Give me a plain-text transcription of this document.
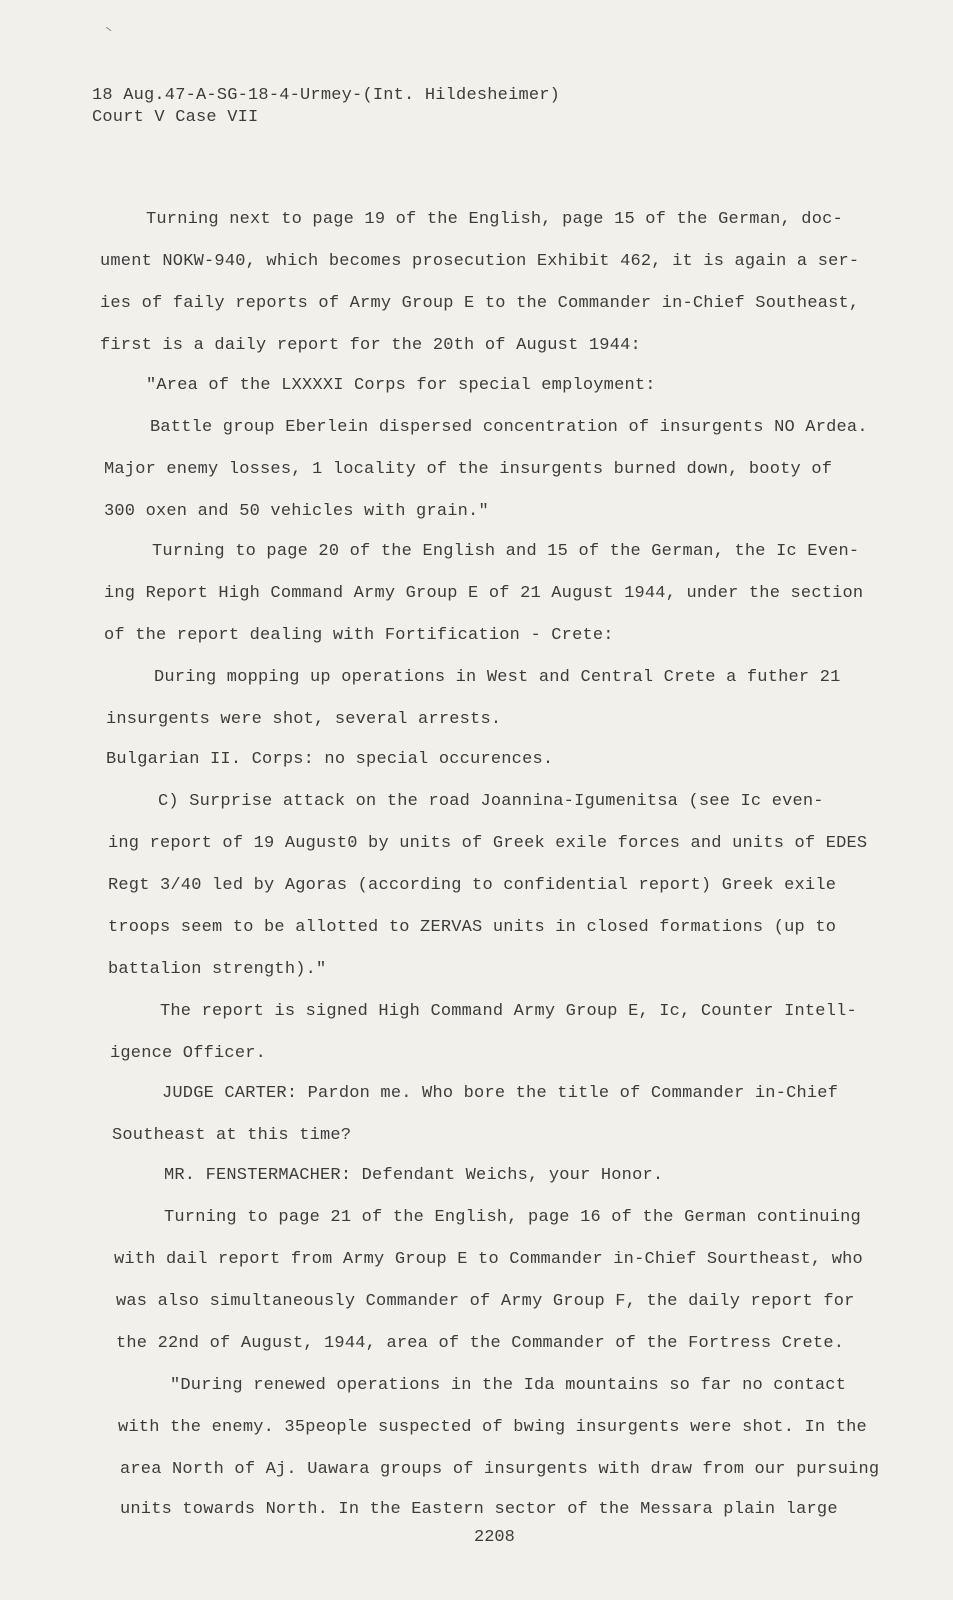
18 Aug.47-A-SG-18-4-Urmey-(Int. Hildesheimer)
Court V Case VII
Turning next to page 19 of the English, page 15 of the German, doc-
ument NOKW-940, which becomes prosecution Exhibit 462, it is again a ser-
ies of faily reports of Army Group E to the Commander in-Chief Southeast,
first is a daily report for the 20th of August 1944:
"Area of the LXXXXI Corps for special employment:
Battle group Eberlein dispersed concentration of insurgents NO Ardea.
Major enemy losses, 1 locality of the insurgents burned down, booty of
300 oxen and 50 vehicles with grain."
Turning to page 20 of the English and 15 of the German, the Ic Even-
ing Report High Command Army Group E of 21 August 1944, under the section
of the report dealing with Fortification - Crete:
During mopping up operations in West and Central Crete a futher 21
insurgents were shot, several arrests.
Bulgarian II. Corps: no special occurences.
C) Surprise attack on the road Joannina-Igumenitsa (see Ic even-
ing report of 19 August0 by units of Greek exile forces and units of EDES
Regt 3/40 led by Agoras (according to confidential report) Greek exile
troops seem to be allotted to ZERVAS units in closed formations (up to
battalion strength)."
The report is signed High Command Army Group E, Ic, Counter Intell-
igence Officer.
JUDGE CARTER: Pardon me. Who bore the title of Commander in-Chief
Southeast at this time?
MR. FENSTERMACHER: Defendant Weichs, your Honor.
Turning to page 21 of the English, page 16 of the German continuing
with dail report from Army Group E to Commander in-Chief Sourtheast, who
was also simultaneously Commander of Army Group F, the daily report for
the 22nd of August, 1944, area of the Commander of the Fortress Crete.
"During renewed operations in the Ida mountains so far no contact
with the enemy. 35people suspected of bwing insurgents were shot. In the
area North of Aj. Uawara groups of insurgents with draw from our pursuing
units towards North. In the Eastern sector of the Messara plain large
2208
